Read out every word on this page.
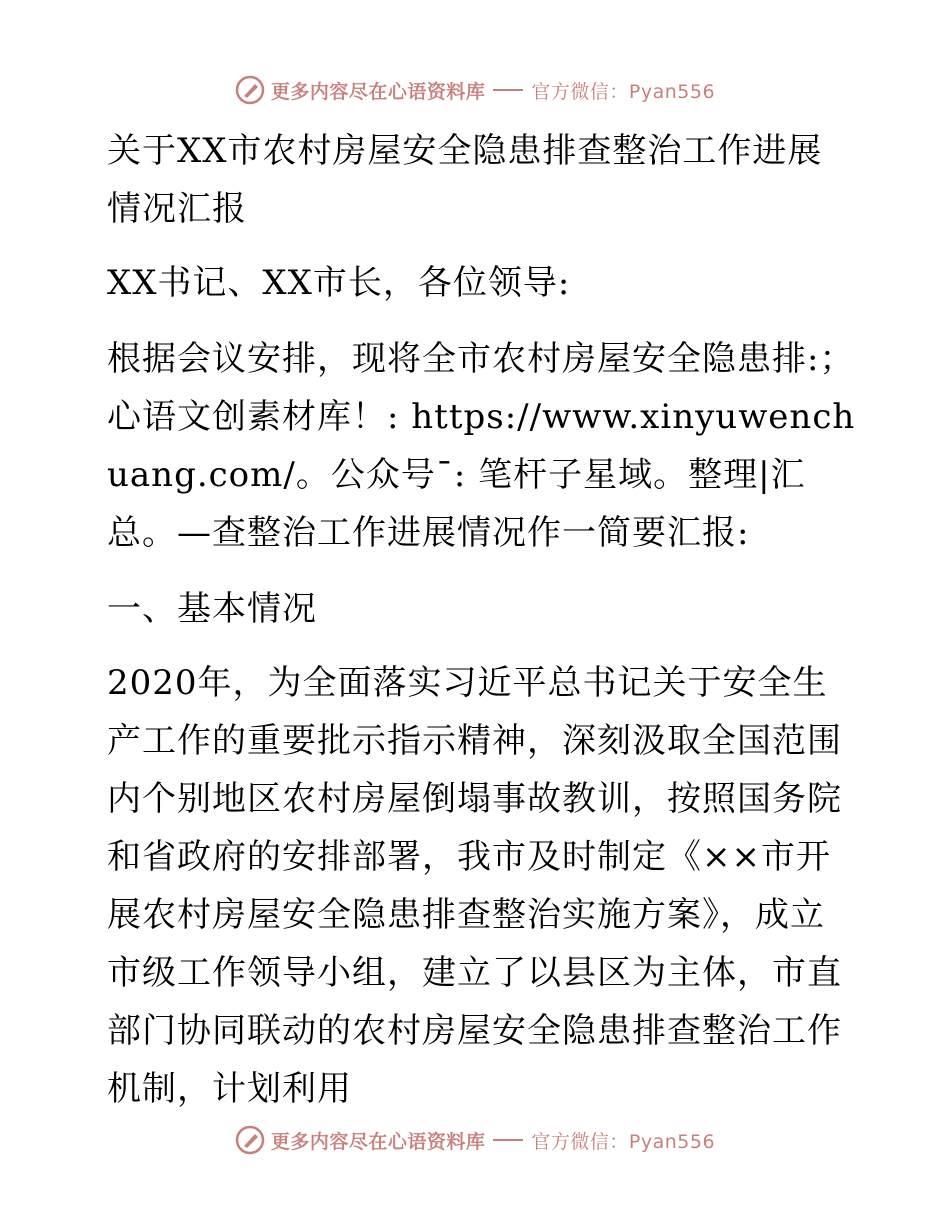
更多内容尽在心语资料库 官方微信：Pyan556

关于XX市农村房屋安全隐患排查整治工作进展情况汇报

XX书记、XX市长，各位领导:

根据会议安排，现将全市农村房屋安全隐患排:；心语文创素材库！: https://www.xinyuwenchuang.com/。公众号¯: 笔杆子星域。整理|汇总。—查整治工作进展情况作一简要汇报:

一、基本情况

2020年，为全面落实习近平总书记关于安全生产工作的重要批示指示精神，深刻汲取全国范围内个别地区农村房屋倒塌事故教训，按照国务院和省政府的安排部署，我市及时制定《××市开展农村房屋安全隐患排查整治实施方案》，成立市级工作领导小组，建立了以县区为主体，市直部门协同联动的农村房屋安全隐患排查整治工作机制，计划利用

更多内容尽在心语资料库 官方微信：Pyan556
